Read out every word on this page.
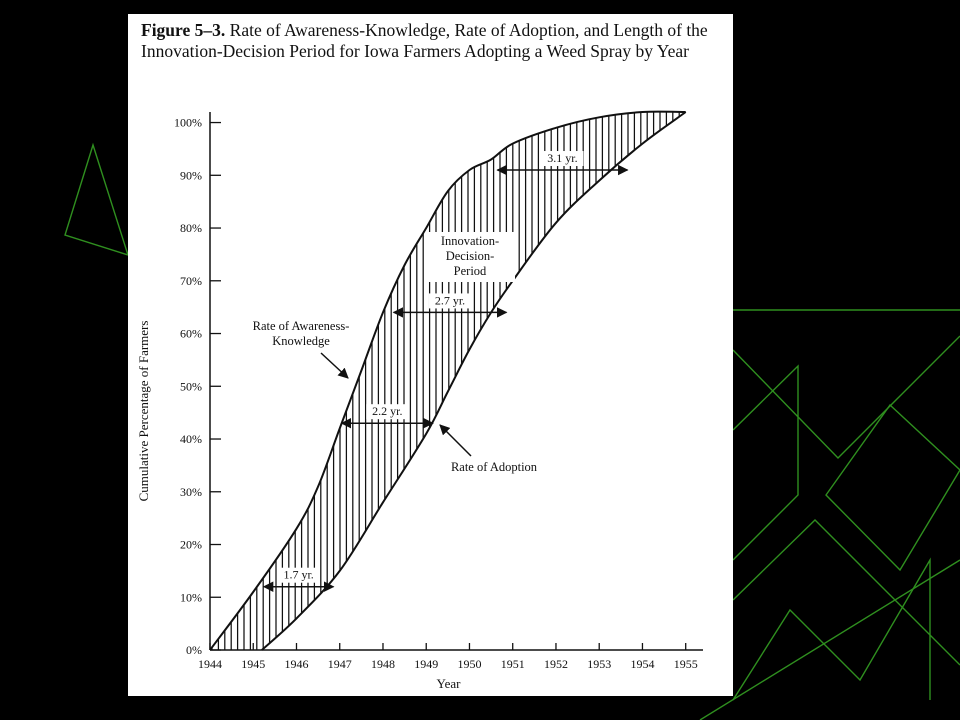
Figure 5–3. Rate of Awareness-Knowledge, Rate of Adoption, and Length of the Innovation-Decision Period for Iowa Farmers Adopting a Weed Spray by Year

0%
10%
20%
30%
40%
50%
60%
70%
80%
90%
100%
1944 1945 1946 1947 1948 1949 1950 1951 1952 1953 1954 1955
Year
Cumulative Percentage of Farmers
1.7 yr.
2.2 yr.
2.7 yr.
3.1 yr.
Innovation-
Decision-
Period
Rate of Awareness-
Knowledge
Rate of Adoption
